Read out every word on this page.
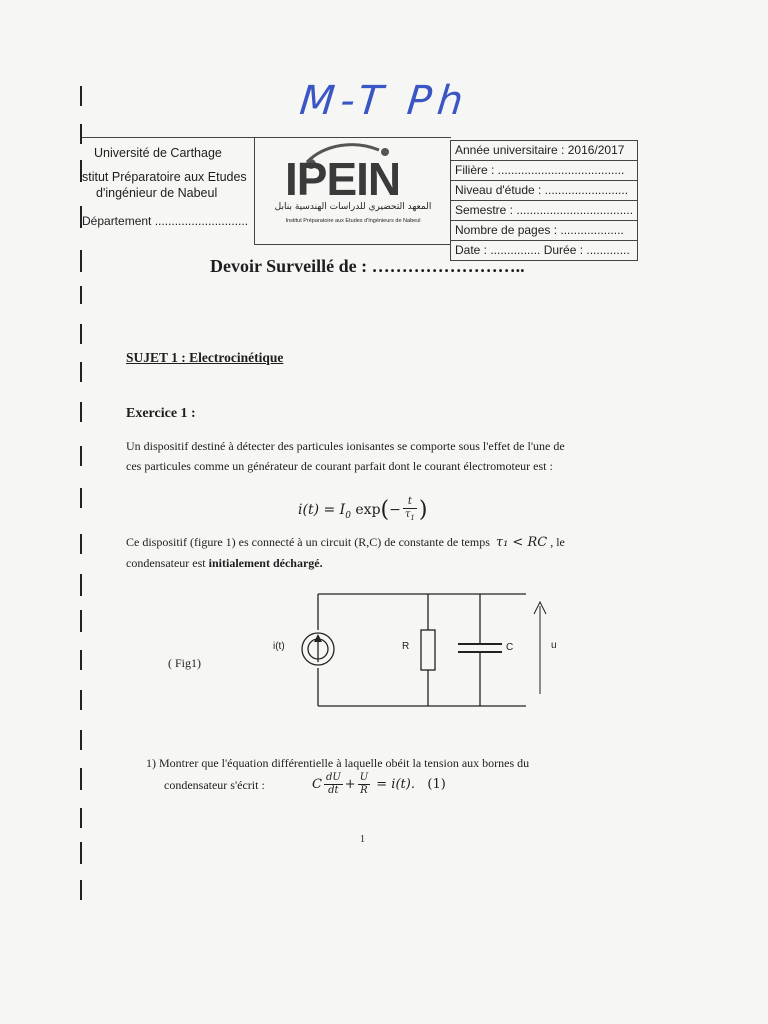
M-T Ph
Université de Carthage
stitut Préparatoire aux Etudes
d'ingénieur de Nabeul
Département ............................
IPEIN
المعهد التحضيري للدراسات الهندسية بنابل
Institut Préparatoire aux Etudes d'Ingénieurs de Nabeul
Année universitaire : 2016/2017
Filière : ......................................
Niveau d'étude : .........................
Semestre : ...................................
Nombre de pages : ...................
Date : ............... Durée : .............
Devoir Surveillé de : ……………………..
SUJET 1 : Electrocinétique
Exercice 1 :
Un dispositif destiné à détecter des particules ionisantes se comporte sous l'effet de l'une de
ces particules comme un générateur de courant parfait dont le courant électromoteur est :
$i(t) = I_0$ $\exp(- \frac{t}{\tau_1}$ )
Ce dispositif (figure 1) es connecté à un circuit (R,C) de constante de temps τ₁ < RC , le
condensateur est initialement déchargé.
( Fig1)
i(t)	R	C	u
1) Montrer que l'équation différentielle à laquelle obéit la tension aux bornes du
condensateur s'écrit :	C $\frac{dU}{dt} + \frac{U}{R} = i(t)$. (1)
1
